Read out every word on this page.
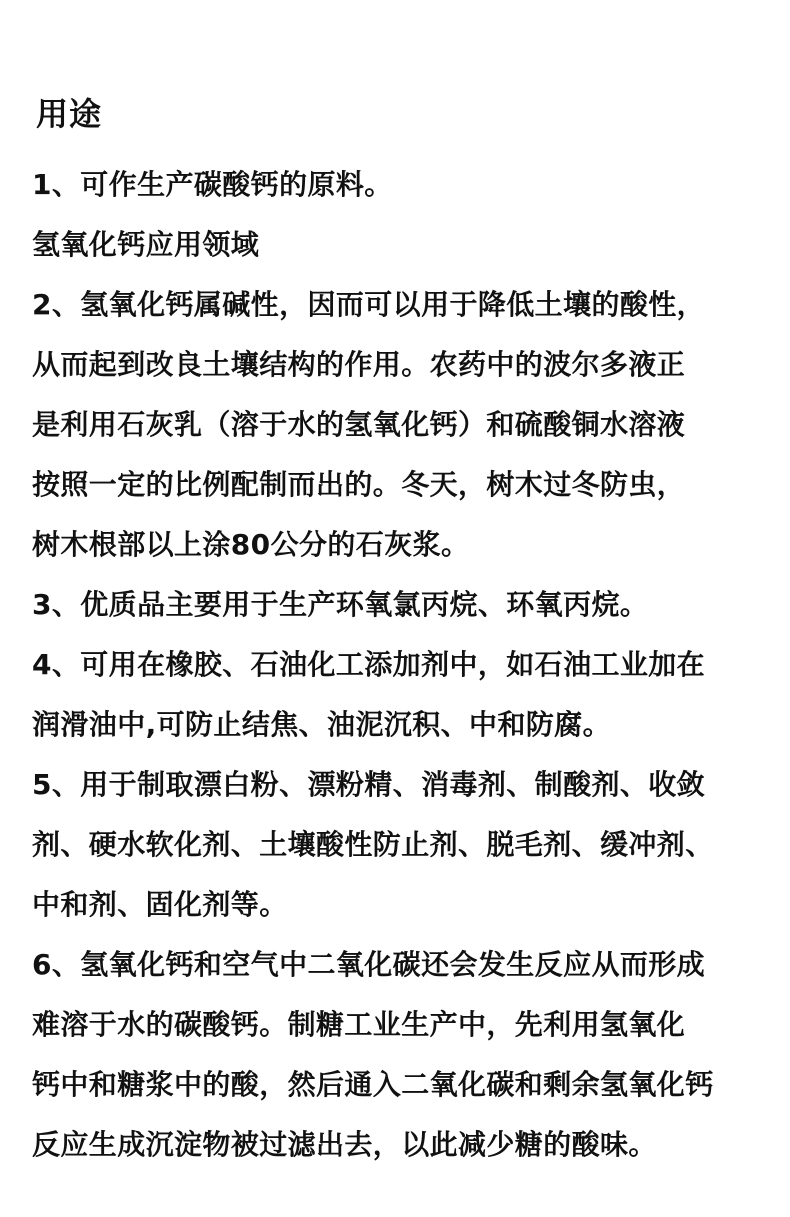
用途
1、可作生产碳酸钙的原料。
氢氧化钙应用领域
2、氢氧化钙属碱性，因而可以用于降低土壤的酸性，
从而起到改良土壤结构的作用。农药中的波尔多液正
是利用石灰乳（溶于水的氢氧化钙）和硫酸铜水溶液
按照一定的比例配制而出的。冬天，树木过冬防虫，
树木根部以上涂80公分的石灰浆。
3、优质品主要用于生产环氧氯丙烷、环氧丙烷。
4、可用在橡胶、石油化工添加剂中，如石油工业加在
润滑油中,可防止结焦、油泥沉积、中和防腐。
5、用于制取漂白粉、漂粉精、消毒剂、制酸剂、收敛
剂、硬水软化剂、土壤酸性防止剂、脱毛剂、缓冲剂、
中和剂、固化剂等。
6、氢氧化钙和空气中二氧化碳还会发生反应从而形成
难溶于水的碳酸钙。制糖工业生产中，先利用氢氧化
钙中和糖浆中的酸，然后通入二氧化碳和剩余氢氧化钙
反应生成沉淀物被过滤出去，以此减少糖的酸味。
